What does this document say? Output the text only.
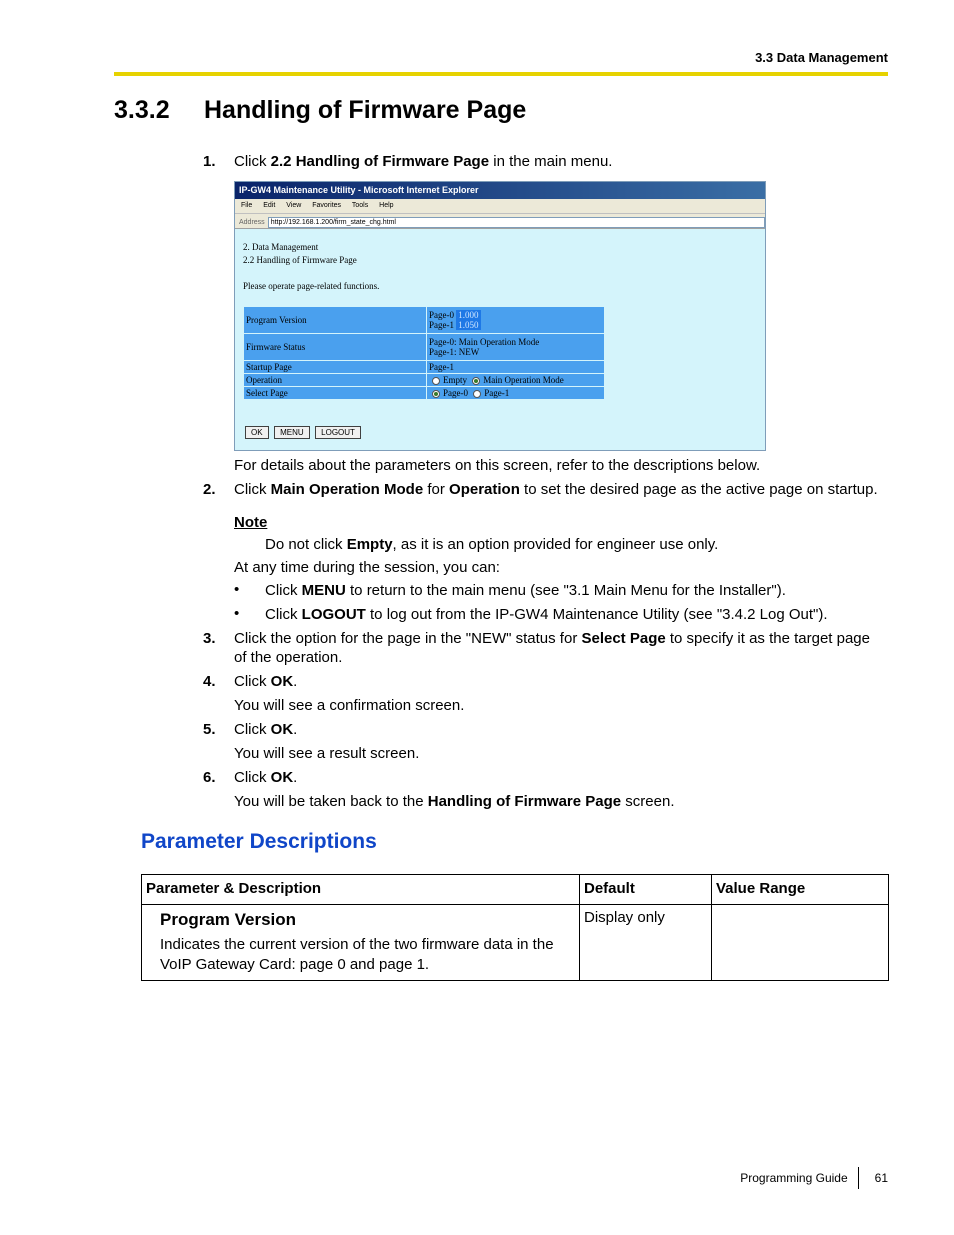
3.3 Data Management
3.3.2 Handling of Firmware Page
1. Click 2.2 Handling of Firmware Page in the main menu.
IP-GW4 Maintenance Utility - Microsoft Internet Explorer
File Edit View Favorites Tools Help
Address http://192.168.1.200/firm_state_chg.html
2. Data Management
2.2 Handling of Firmware Page
Please operate page-related functions.
Program Version	Page-0 1.000
Page-1 1.050

Firmware Status	Page-0: Main Operation Mode
Page-1: NEW

Startup Page	Page-1
Operation	Empty Main Operation Mode
Select Page	Page-0 Page-1
OK MENU LOGOUT
For details about the parameters on this screen, refer to the descriptions below.
2. Click Main Operation Mode for Operation to set the desired page as the active page on startup.
Note
Do not click Empty, as it is an option provided for engineer use only.
At any time during the session, you can:
• Click MENU to return to the main menu (see "3.1 Main Menu for the Installer").
• Click LOGOUT to log out from the IP-GW4 Maintenance Utility (see "3.4.2 Log Out").
3. Click the option for the page in the "NEW" status for Select Page to specify it as the target page
of the operation.
4. Click OK.
You will see a confirmation screen.
5. Click OK.
You will see a result screen.
6. Click OK.
You will be taken back to the Handling of Firmware Page screen.
Parameter Descriptions
Parameter & Description	Default	Value Range

Program Version
Indicates the current version of the two firmware data in the VoIP Gateway Card: page 0 and page 1.	Display only	
Programming Guide 61
